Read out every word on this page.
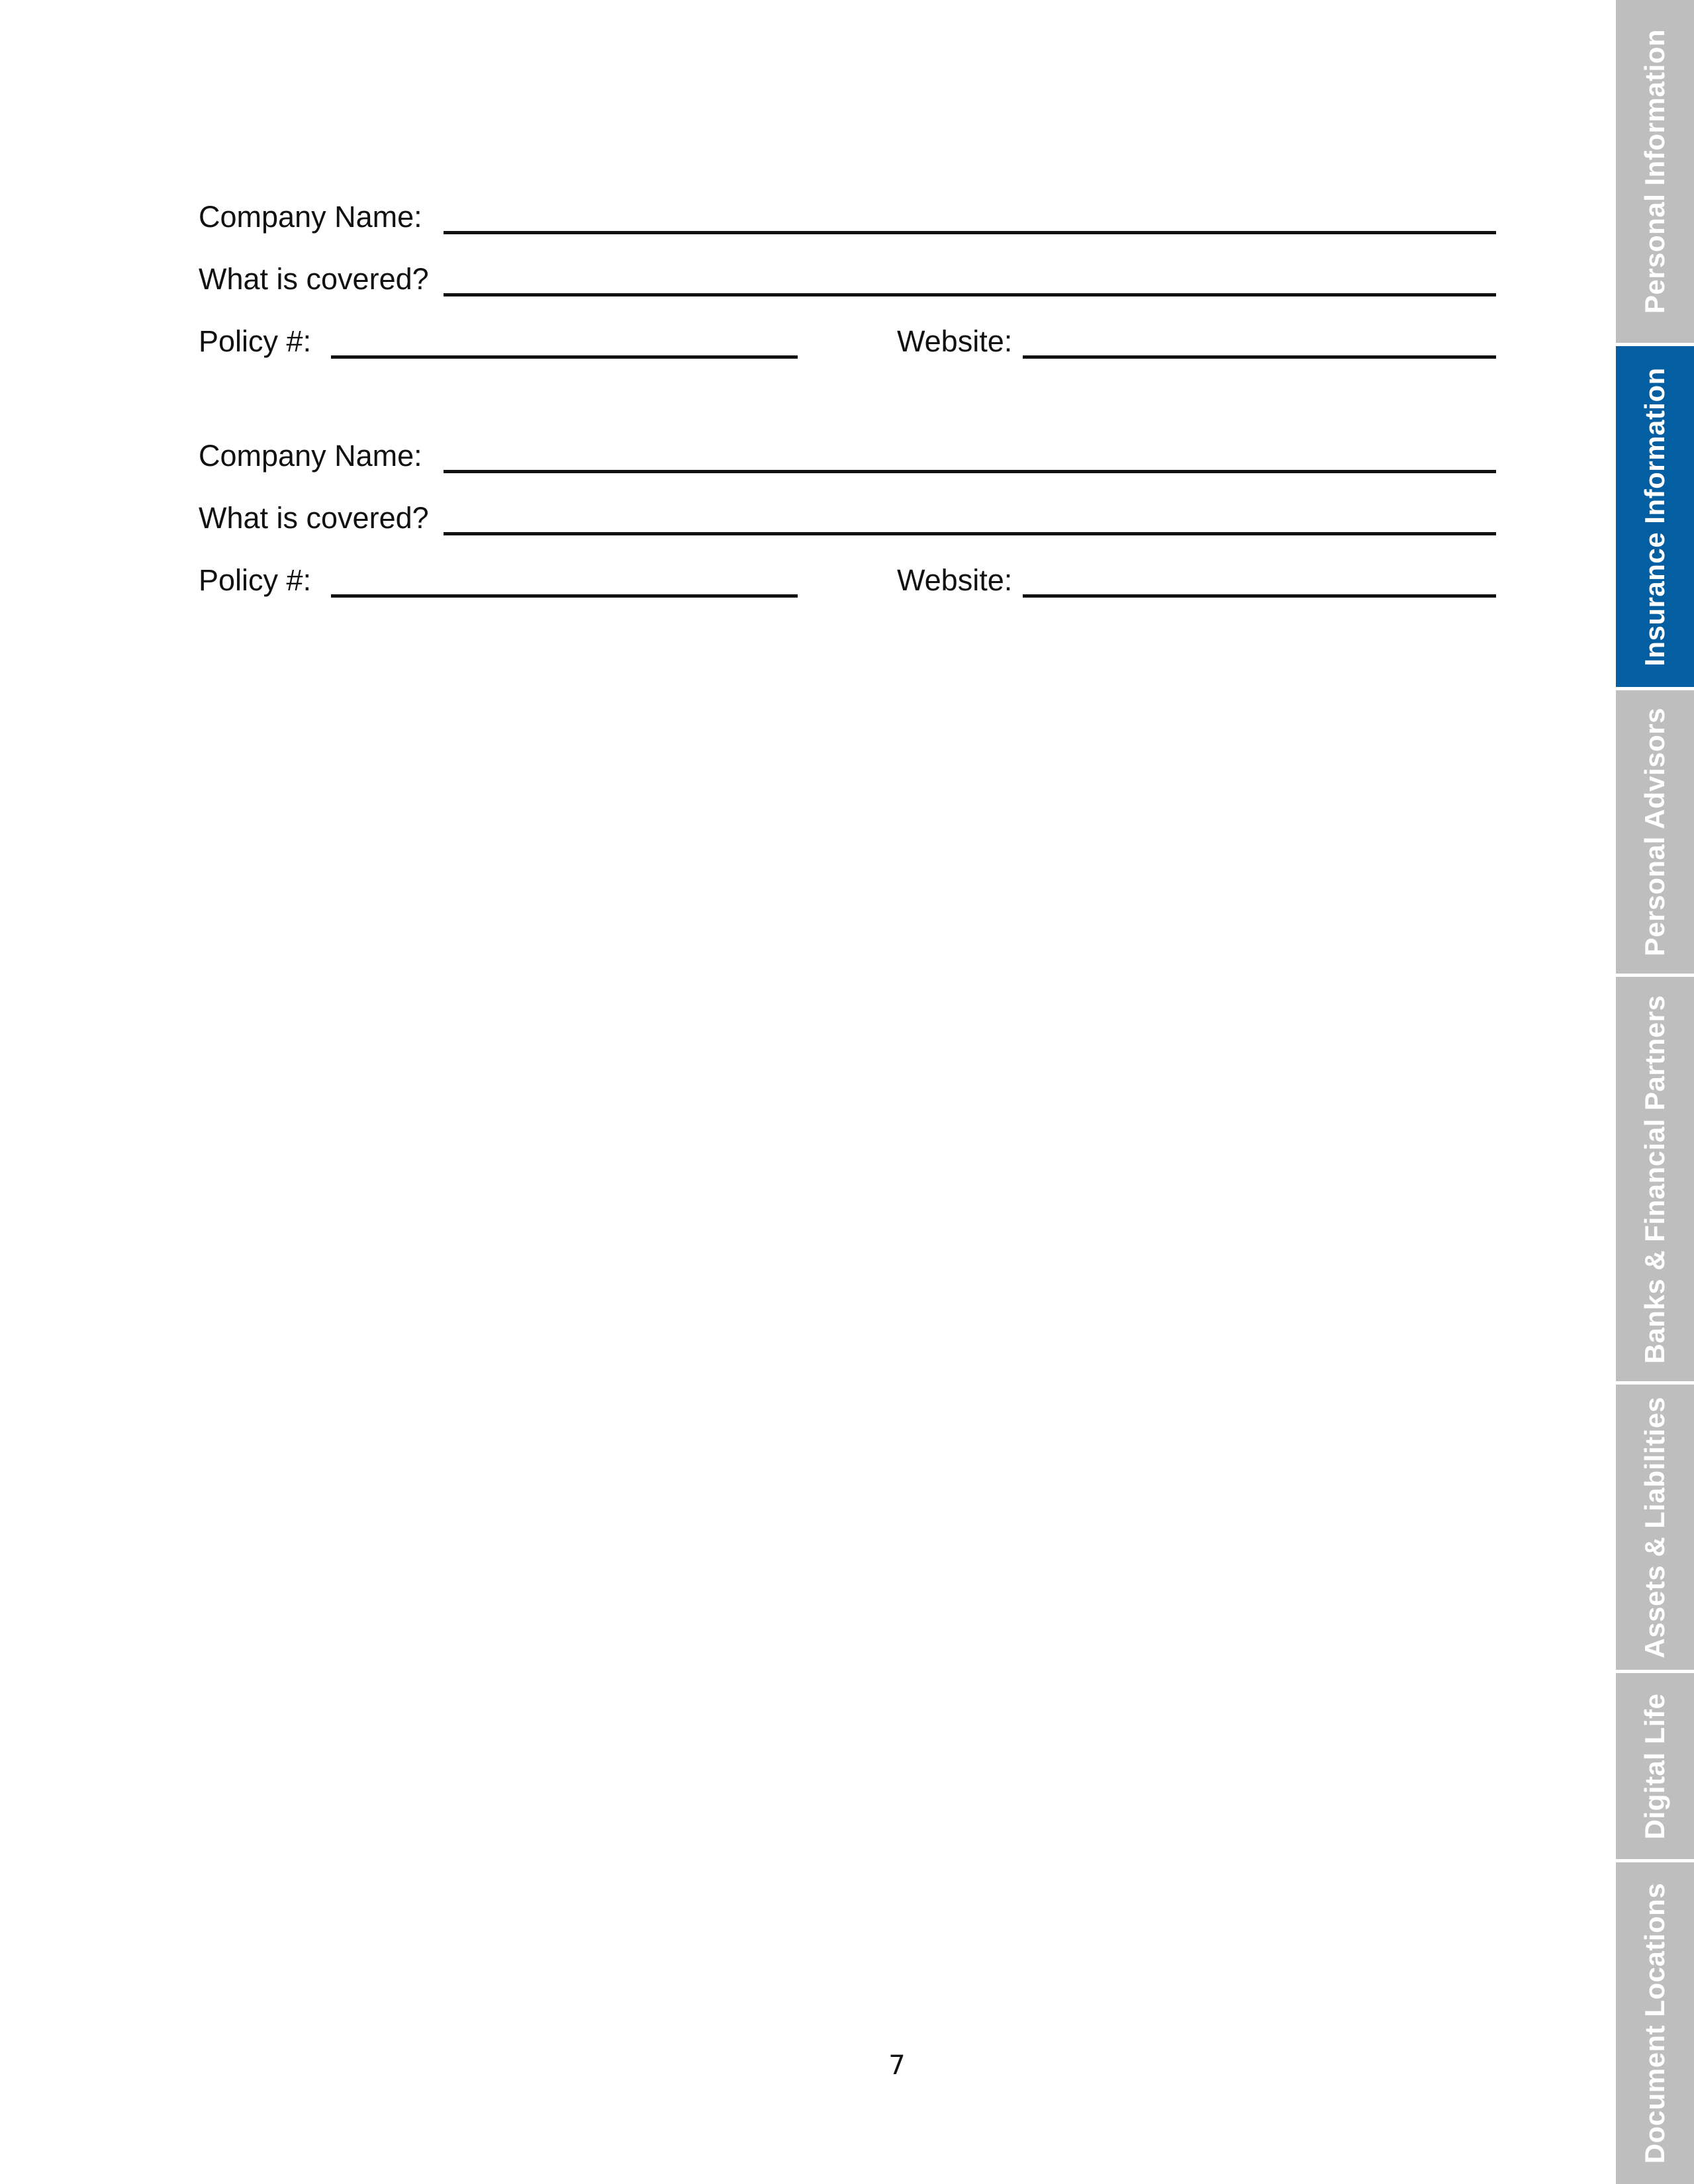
Company Name:
What is covered?
Policy #:	Website:
Company Name:
What is covered?
Policy #:	Website:
Personal Information
Insurance Information
Personal Advisors
Banks & Financial Partners
Assets & Liabilities
Digital Life
Document Locations
7
